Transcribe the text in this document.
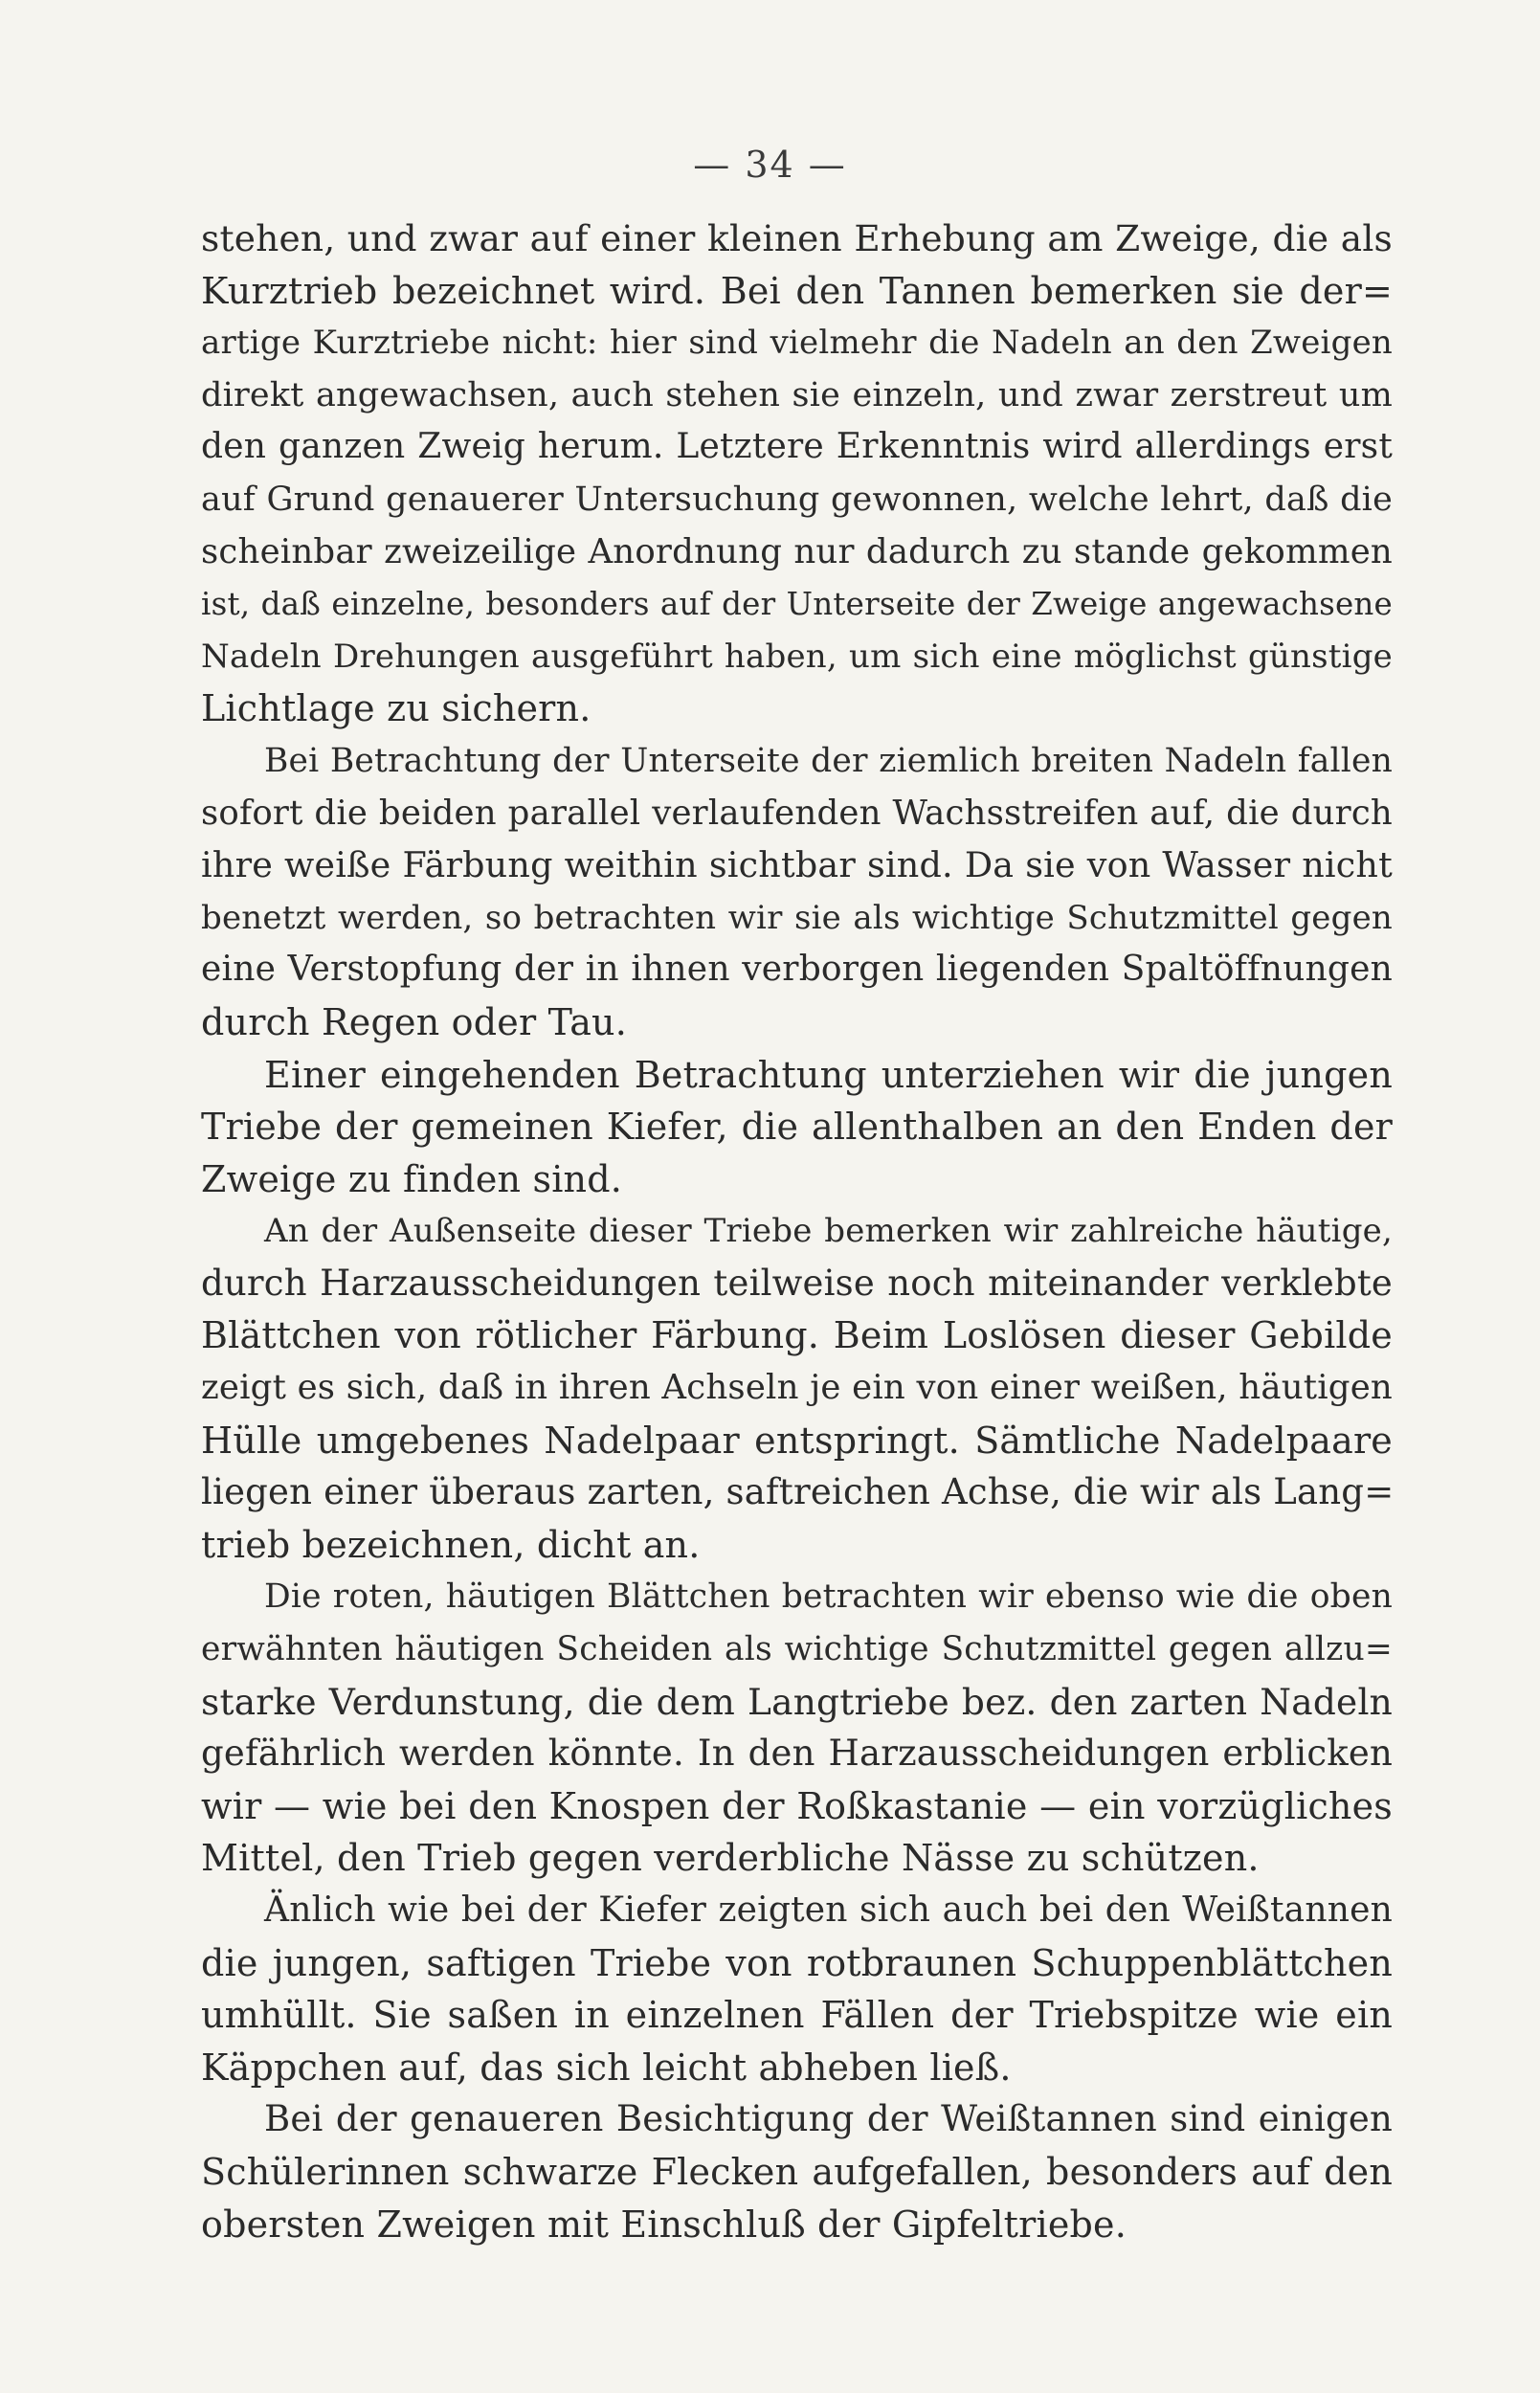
— 34 —
stehen, und zwar auf einer kleinen Erhebung am Zweige, die als
Kurztrieb bezeichnet wird. Bei den Tannen bemerken sie der=
artige Kurztriebe nicht: hier sind vielmehr die Nadeln an den Zweigen
direkt angewachsen, auch stehen sie einzeln, und zwar zerstreut um
den ganzen Zweig herum. Letztere Erkenntnis wird allerdings erst
auf Grund genauerer Untersuchung gewonnen, welche lehrt, daß die
scheinbar zweizeilige Anordnung nur dadurch zu stande gekommen
ist, daß einzelne, besonders auf der Unterseite der Zweige angewachsene
Nadeln Drehungen ausgeführt haben, um sich eine möglichst günstige
Lichtlage zu sichern.
Bei Betrachtung der Unterseite der ziemlich breiten Nadeln fallen
sofort die beiden parallel verlaufenden Wachsstreifen auf, die durch
ihre weiße Färbung weithin sichtbar sind. Da sie von Wasser nicht
benetzt werden, so betrachten wir sie als wichtige Schutzmittel gegen
eine Verstopfung der in ihnen verborgen liegenden Spaltöffnungen
durch Regen oder Tau.
Einer eingehenden Betrachtung unterziehen wir die jungen
Triebe der gemeinen Kiefer, die allenthalben an den Enden der
Zweige zu finden sind.
An der Außenseite dieser Triebe bemerken wir zahlreiche häutige,
durch Harzausscheidungen teilweise noch miteinander verklebte
Blättchen von rötlicher Färbung. Beim Loslösen dieser Gebilde
zeigt es sich, daß in ihren Achseln je ein von einer weißen, häutigen
Hülle umgebenes Nadelpaar entspringt. Sämtliche Nadelpaare
liegen einer überaus zarten, saftreichen Achse, die wir als Lang=
trieb bezeichnen, dicht an.
Die roten, häutigen Blättchen betrachten wir ebenso wie die oben
erwähnten häutigen Scheiden als wichtige Schutzmittel gegen allzu=
starke Verdunstung, die dem Langtriebe bez. den zarten Nadeln
gefährlich werden könnte. In den Harzausscheidungen erblicken
wir — wie bei den Knospen der Roßkastanie — ein vorzügliches
Mittel, den Trieb gegen verderbliche Nässe zu schützen.
Änlich wie bei der Kiefer zeigten sich auch bei den Weißtannen
die jungen, saftigen Triebe von rotbraunen Schuppenblättchen
umhüllt. Sie saßen in einzelnen Fällen der Triebspitze wie ein
Käppchen auf, das sich leicht abheben ließ.
Bei der genaueren Besichtigung der Weißtannen sind einigen
Schülerinnen schwarze Flecken aufgefallen, besonders auf den
obersten Zweigen mit Einschluß der Gipfeltriebe.
